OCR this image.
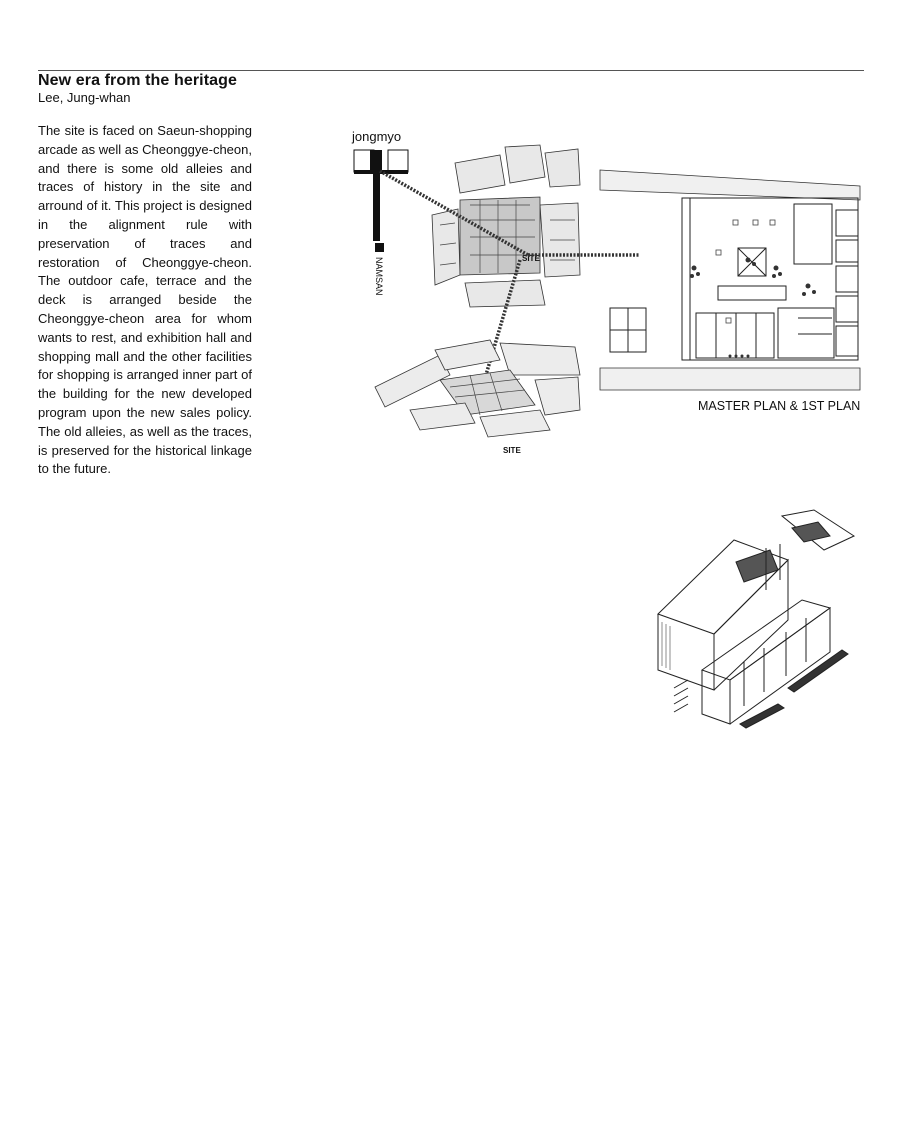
New era from the heritage

Lee, Jung-whan

The site is faced on Saeun-shopping arcade as well as Cheonggye-cheon, and there is some old alleies and traces of history in the site and arround of it. This project is designed in the alignment rule with preservation of traces and restoration of Cheonggye-cheon. The outdoor cafe, terrace and the deck is arranged beside the Cheonggye-cheon area for whom wants to rest, and exhibition hall and shopping mall and the other facilities for shopping is arranged inner part of the building for the new developed program upon the new sales policy. The old alleies, as well as the traces, is preserved for the historical linkage to the future.

jongmyo
NAMSAN	SITE
SITE
MASTER PLAN & 1ST PLAN
